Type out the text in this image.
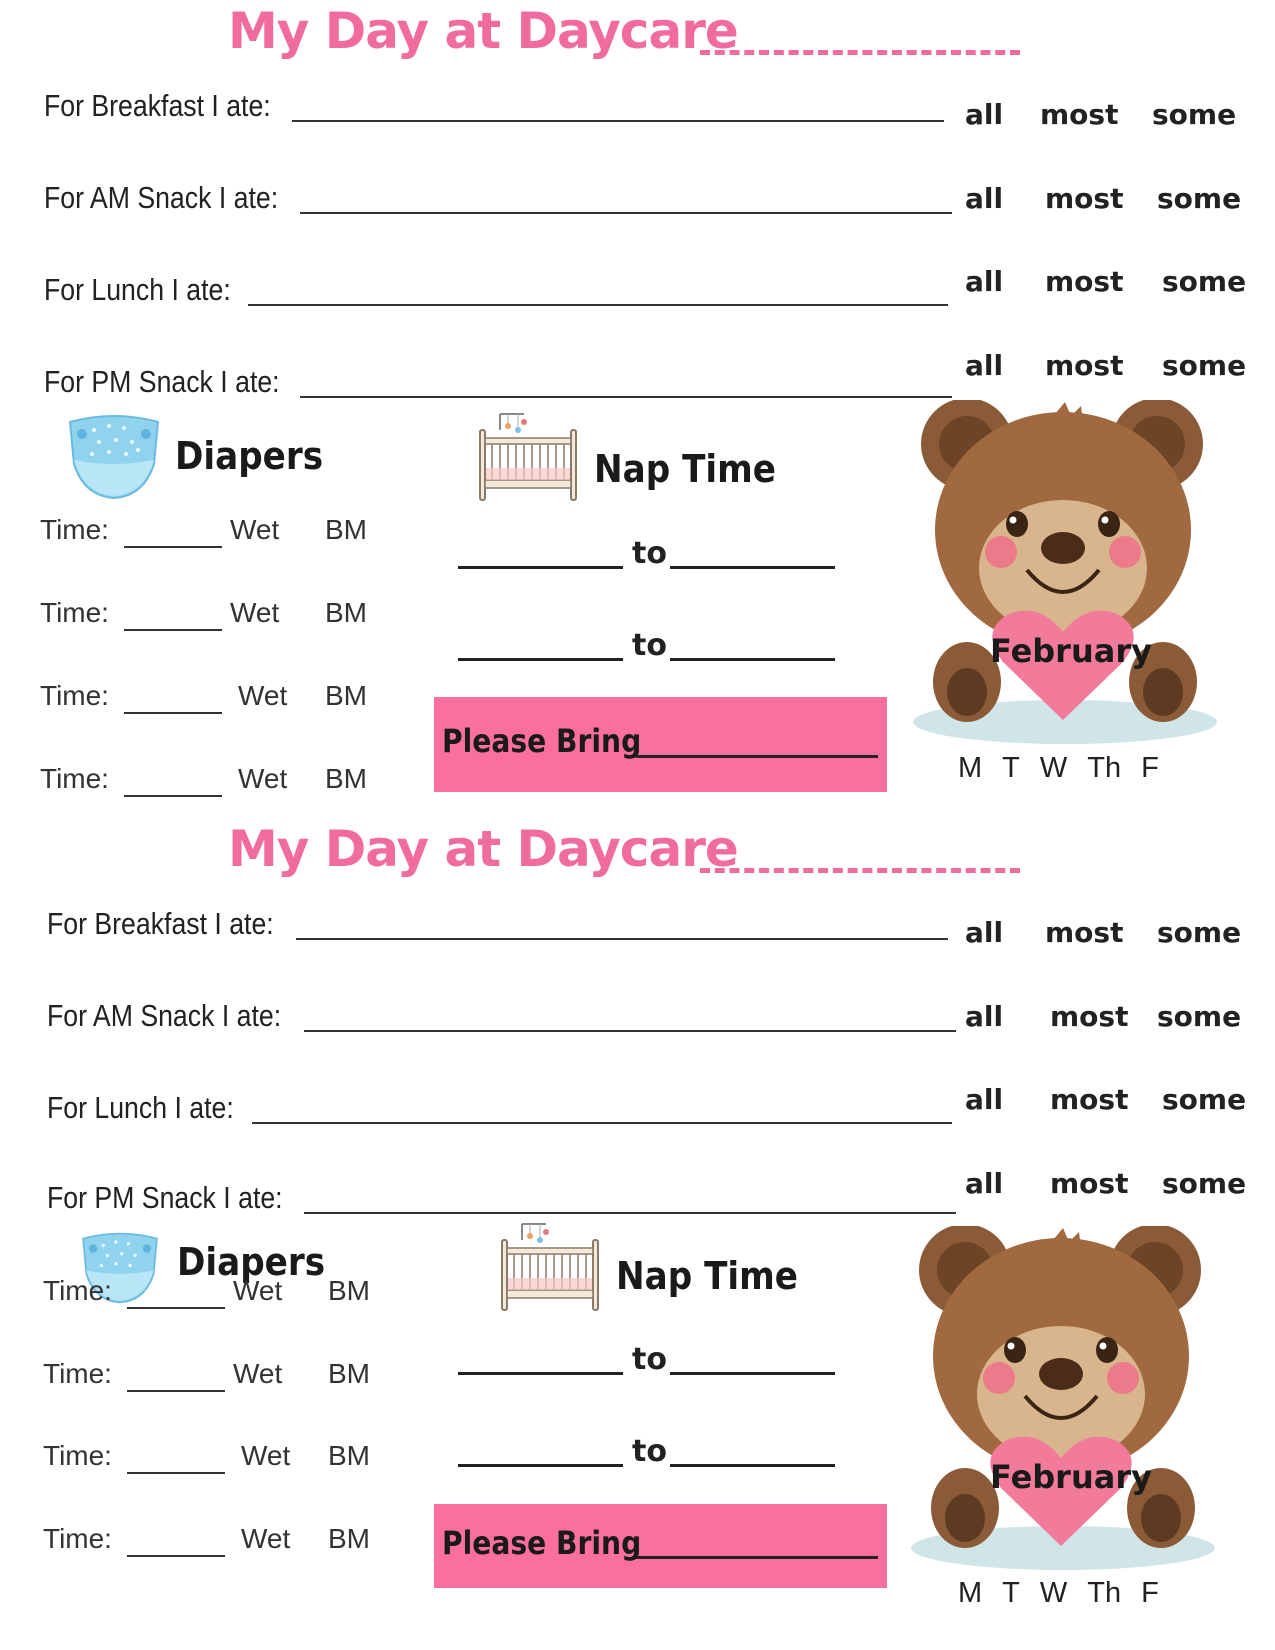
My Day at Daycare
For Breakfast I ate:	all most some
For AM Snack I ate:	all most some
For Lunch I ate:	all most some
For PM Snack I ate:	all most some
Diapers
Time:	Wet BM
Time:	Wet BM
Time:	Wet BM
Time:	Wet BM
Nap Time
to
to
Please Bring
February
M T W Th F
My Day at Daycare
For Breakfast I ate:	all most some
For AM Snack I ate:	all most some
For Lunch I ate:	all most some
For PM Snack I ate:	all most some
Diapers
Time:	Wet BM
Time:	Wet BM
Time:	Wet BM
Time:	Wet BM
Nap Time
to
to
Please Bring
February
M T W Th F
